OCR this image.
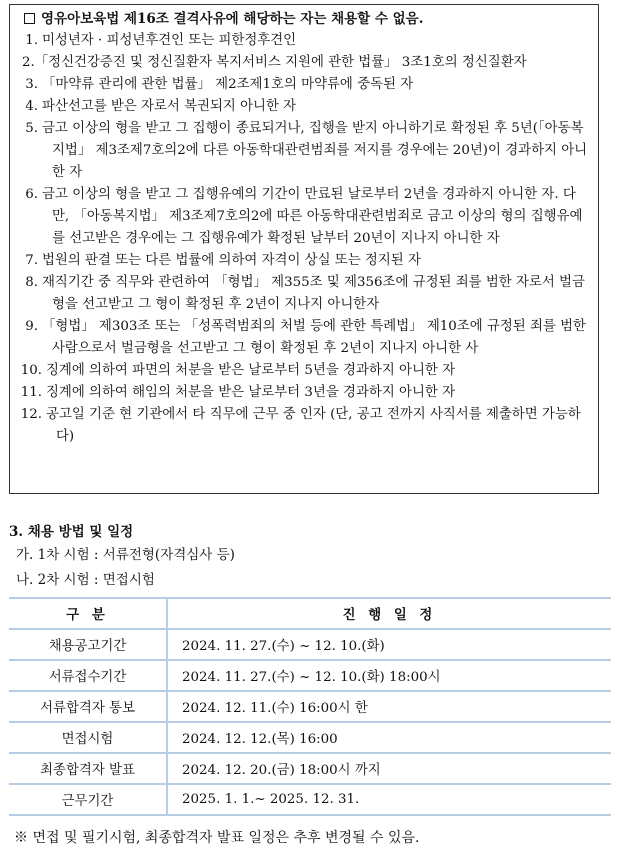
영유아보육법 제16조 결격사유에 해당하는 자는 채용할 수 없음.
1. 미성년자 · 피성년후견인 또는 피한정후견인
2.「정신건강증진 및 정신질환자 복지서비스 지원에 관한 법률」 3조1호의 정신질환자
3. 「마약류 관리에 관한 법률」 제2조제1호의 마약류에 중독된 자
4. 파산선고를 받은 자로서 복권되지 아니한 자
5. 금고 이상의 형을 받고 그 집행이 종료되거나, 집행을 받지 아니하기로 확정된 후 5년(「아동복지법」 제3조제7호의2에 다른 아동학대관련범죄를 저지를 경우에는 20년)이 경과하지 아니한 자
6. 금고 이상의 형을 받고 그 집행유예의 기간이 만료된 날로부터 2년을 경과하지 아니한 자. 다만, 「아동복지법」 제3조제7호의2에 따른 아동학대관련범죄로 금고 이상의 형의 집행유예를 선고받은 경우에는 그 집행유예가 확정된 날부터 20년이 지나지 아니한 자
7. 법원의 판결 또는 다른 법률에 의하여 자격이 상실 또는 정지된 자
8. 재직기간 중 직무와 관련하여 「형법」 제355조 및 제356조에 규정된 죄를 범한 자로서 벌금형을 선고받고 그 형이 확정된 후 2년이 지나지 아니한자
9. 「형법」 제303조 또는 「성폭력범죄의 처벌 등에 관한 특례법」 제10조에 규정된 죄를 범한 사람으로서 벌금형을 선고받고 그 형이 확정된 후 2년이 지나지 아니한 사
10. 징계에 의하여 파면의 처분을 받은 날로부터 5년을 경과하지 아니한 자
11. 징계에 의하여 해임의 처분을 받은 날로부터 3년을 경과하지 아니한 자
12. 공고일 기준 현 기관에서 타 직무에 근무 중 인자 (단, 공고 전까지 사직서를 제출하면 가능하다)
3. 채용 방법 및 일정
가. 1차 시험 : 서류전형(자격심사 등)
나. 2차 시험 : 면접시험
구 분	진 행 일 정
채용공고기간	2024. 11. 27.(수) ~ 12. 10.(화)
서류접수기간	2024. 11. 27.(수) ~ 12. 10.(화) 18:00시
서류합격자 통보	2024. 12. 11.(수) 16:00시 한
면접시험	2024. 12. 12.(목) 16:00
최종합격자 발표	2024. 12. 20.(금) 18:00시 까지
근무기간	2025. 1. 1.~ 2025. 12. 31.
※ 면접 및 필기시험, 최종합격자 발표 일정은 추후 변경될 수 있음.
